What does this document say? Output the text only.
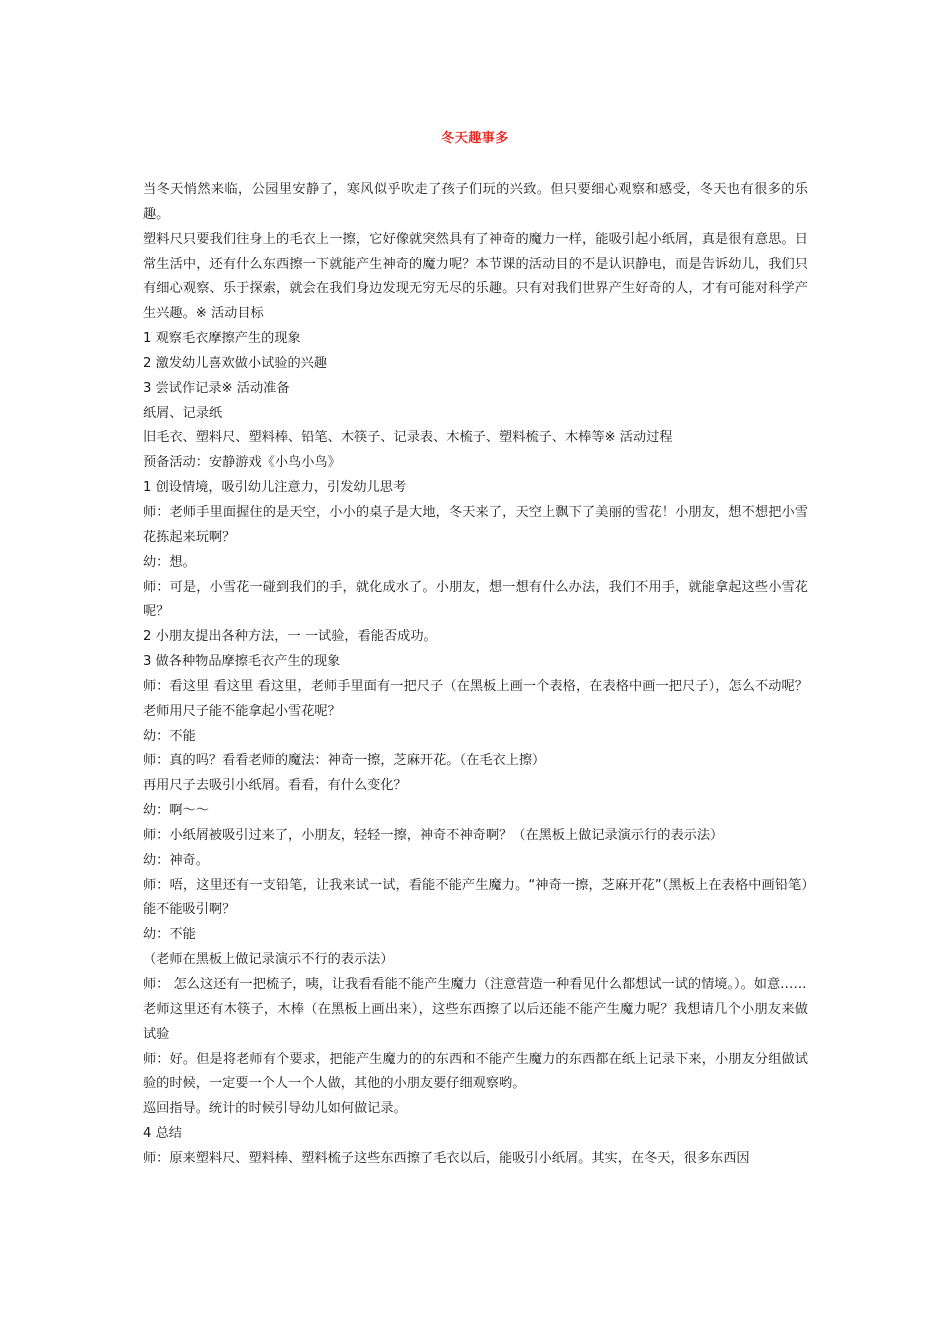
冬天趣事多

当冬天悄然来临，公园里安静了，寒风似乎吹走了孩子们玩的兴致。但只要细心观察和感受，冬天也有很多的乐趣。

塑料尺只要我们往身上的毛衣上一擦，它好像就突然具有了神奇的魔力一样，能吸引起小纸屑，真是很有意思。日常生活中，还有什么东西擦一下就能产生神奇的魔力呢？本节课的活动目的不是认识静电，而是告诉幼儿，我们只有细心观察、乐于探索，就会在我们身边发现无穷无尽的乐趣。只有对我们世界产生好奇的人，才有可能对科学产生兴趣。※ 活动目标

1 观察毛衣摩擦产生的现象

2 激发幼儿喜欢做小试验的兴趣

3 尝试作记录※ 活动准备

纸屑、记录纸

旧毛衣、塑料尺、塑料棒、铅笔、木筷子、记录表、木梳子、塑料梳子、木棒等※ 活动过程

预备活动：安静游戏《小鸟小鸟》

1 创设情境，吸引幼儿注意力，引发幼儿思考

师：老师手里面握住的是天空，小小的桌子是大地，冬天来了，天空上飘下了美丽的雪花！小朋友，想不想把小雪花拣起来玩啊？

幼：想。

师：可是，小雪花一碰到我们的手，就化成水了。小朋友，想一想有什么办法，我们不用手，就能拿起这些小雪花呢？

2 小朋友提出各种方法，一 一试验，看能否成功。

3 做各种物品摩擦毛衣产生的现象

师：看这里 看这里 看这里，老师手里面有一把尺子（在黑板上画一个表格，在表格中画一把尺子），怎么不动呢？老师用尺子能不能拿起小雪花呢？

幼：不能

师：真的吗？看看老师的魔法：神奇一擦，芝麻开花。（在毛衣上擦）

再用尺子去吸引小纸屑。看看，有什么变化？

幼：啊～～

师：小纸屑被吸引过来了，小朋友，轻轻一擦，神奇不神奇啊？（在黑板上做记录演示行的表示法）

幼：神奇。

师：唔，这里还有一支铅笔，让我来试一试，看能不能产生魔力。“神奇一擦，芝麻开花”（黑板上在表格中画铅笔）能不能吸引啊？

幼：不能

（老师在黑板上做记录演示不行的表示法）

师： 怎么这还有一把梳子，咦，让我看看能不能产生魔力（注意营造一种看见什么都想试一试的情境。）。如意……

老师这里还有木筷子，木棒（在黑板上画出来），这些东西擦了以后还能不能产生魔力呢？我想请几个小朋友来做试验

师：好。但是将老师有个要求，把能产生魔力的的东西和不能产生魔力的东西都在纸上记录下来，小朋友分组做试验的时候，一定要一个人一个人做，其他的小朋友要仔细观察哟。

巡回指导。统计的时候引导幼儿如何做记录。

4 总结

师：原来塑料尺、塑料棒、塑料梳子这些东西擦了毛衣以后，能吸引小纸屑。其实，在冬天，很多东西因
